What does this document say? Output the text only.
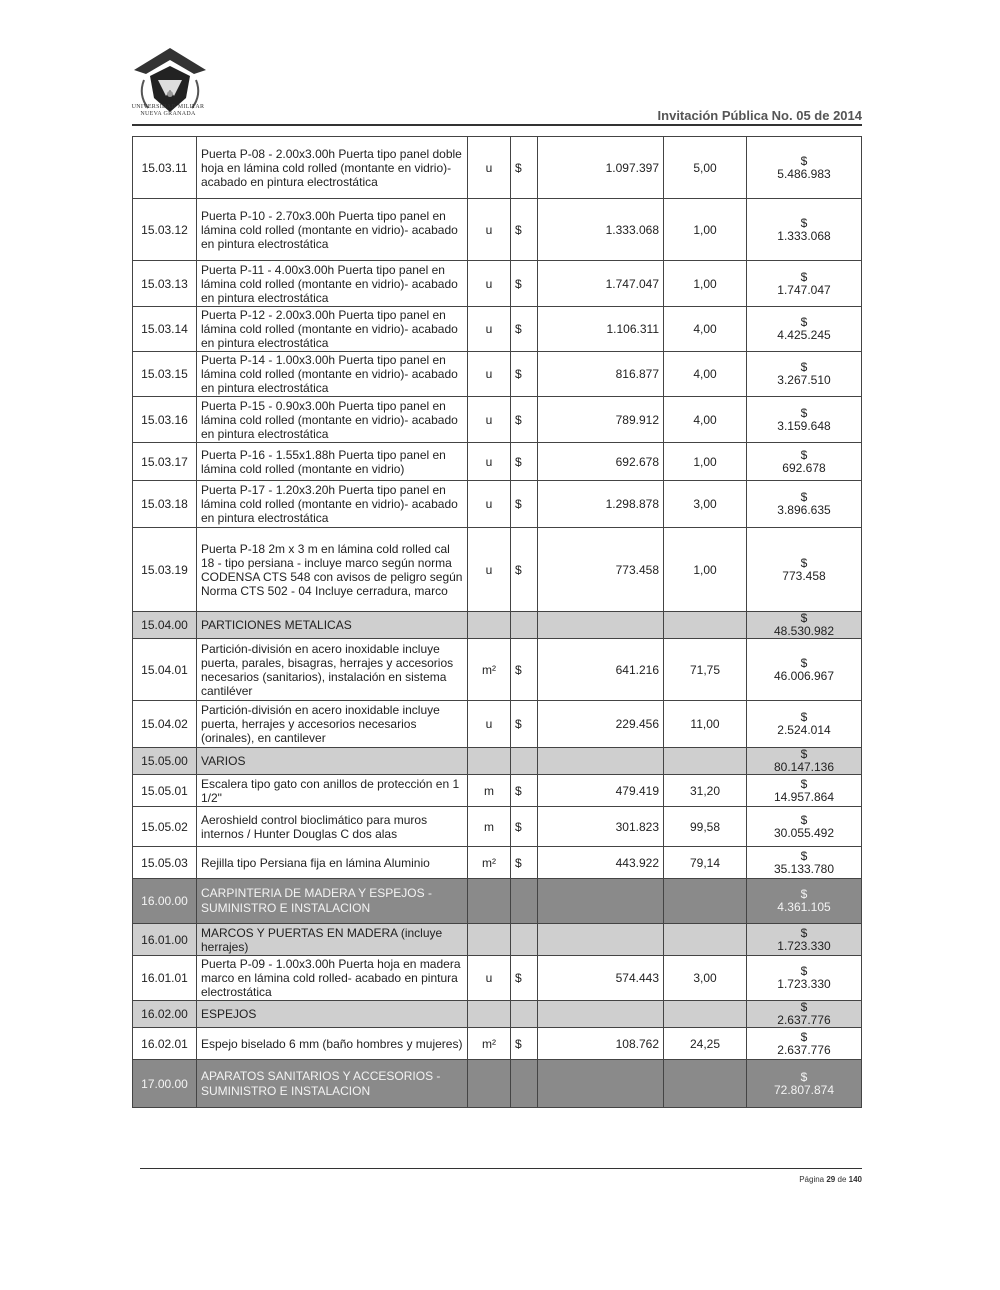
UNIVERSIDAD MILITAR
NUEVA GRANADA	Invitación Pública No. 05 de 2014
15.03.11	Puerta P-08 - 2.00x3.00h Puerta tipo panel doble hoja en lámina cold rolled (montante en vidrio)- acabado en pintura electrostática	u	$	1.097.397	5,00	$
5.486.983

15.03.12	Puerta P-10 - 2.70x3.00h Puerta tipo panel en lámina cold rolled (montante en vidrio)- acabado en pintura electrostática	u	$	1.333.068	1,00	$
1.333.068

15.03.13	Puerta P-11 - 4.00x3.00h Puerta tipo panel en lámina cold rolled (montante en vidrio)- acabado en pintura electrostática	u	$	1.747.047	1,00	$
1.747.047

15.03.14	Puerta P-12 - 2.00x3.00h Puerta tipo panel en lámina cold rolled (montante en vidrio)- acabado en pintura electrostática	u	$	1.106.311	4,00	$
4.425.245

15.03.15	Puerta P-14 - 1.00x3.00h Puerta tipo panel en lámina cold rolled (montante en vidrio)- acabado en pintura electrostática	u	$	816.877	4,00	$
3.267.510

15.03.16	Puerta P-15 - 0.90x3.00h Puerta tipo panel en lámina cold rolled (montante en vidrio)- acabado en pintura electrostática	u	$	789.912	4,00	$
3.159.648

15.03.17	Puerta P-16 - 1.55x1.88h Puerta tipo panel en lámina cold rolled (montante en vidrio)	u	$	692.678	1,00	$
692.678

15.03.18	Puerta P-17 - 1.20x3.20h Puerta tipo panel en lámina cold rolled (montante en vidrio)- acabado en pintura electrostática	u	$	1.298.878	3,00	$
3.896.635

15.03.19	Puerta P-18 2m x 3 m en lámina cold rolled cal 18 - tipo persiana - incluye marco según norma CODENSA CTS 548 con avisos de peligro según Norma CTS 502 - 04 Incluye cerradura, marco	u	$	773.458	1,00	$
773.458

15.04.00	PARTICIONES METALICAS					$
48.530.982

15.04.01	Partición-división en acero inoxidable incluye puerta, parales, bisagras, herrajes y accesorios necesarios (sanitarios), instalación en sistema cantiléver	m²	$	641.216	71,75	$
46.006.967

15.04.02	Partición-división en acero inoxidable incluye puerta, herrajes y accesorios necesarios (orinales), en cantilever	u	$	229.456	11,00	$
2.524.014

15.05.00	VARIOS					$
80.147.136

15.05.01	Escalera tipo gato con anillos de protección en 1 1/2"	m	$	479.419	31,20	$
14.957.864

15.05.02	Aeroshield control bioclimático para muros internos / Hunter Douglas C dos alas	m	$	301.823	99,58	$
30.055.492

15.05.03	Rejilla tipo Persiana fija en lámina Aluminio	m²	$	443.922	79,14	$
35.133.780

16.00.00	CARPINTERIA DE MADERA Y ESPEJOS - SUMINISTRO E INSTALACION					$
4.361.105

16.01.00	MARCOS Y PUERTAS EN MADERA (incluye herrajes)					$
1.723.330

16.01.01	Puerta P-09 - 1.00x3.00h Puerta hoja en madera marco en lámina cold rolled- acabado en pintura electrostática	u	$	574.443	3,00	$
1.723.330

16.02.00	ESPEJOS					$
2.637.776

16.02.01	Espejo biselado 6 mm (baño hombres y mujeres)	m²	$	108.762	24,25	$
2.637.776

17.00.00	APARATOS SANITARIOS Y ACCESORIOS - SUMINISTRO E INSTALACION					$
72.807.874
Página 29 de 140
